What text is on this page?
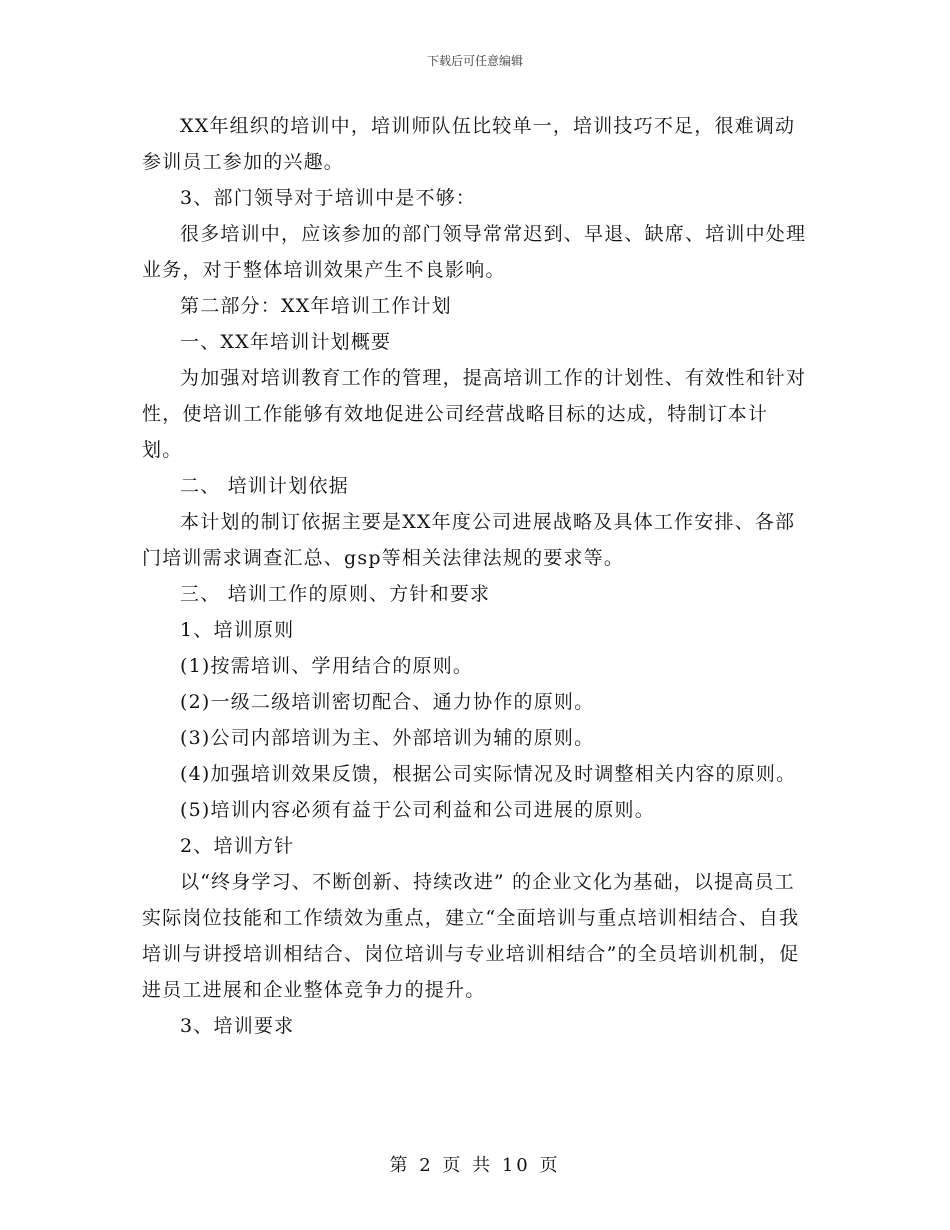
下载后可任意编辑

XX年组织的培训中，培训师队伍比较单一，培训技巧不足，很难调动参训员工参加的兴趣。

3、部门领导对于培训中是不够：

很多培训中，应该参加的部门领导常常迟到、早退、缺席、培训中处理业务，对于整体培训效果产生不良影响。

第二部分：XX年培训工作计划

一、XX年培训计划概要

为加强对培训教育工作的管理，提高培训工作的计划性、有效性和针对性，使培训工作能够有效地促进公司经营战略目标的达成，特制订本计划。

二、 培训计划依据

本计划的制订依据主要是XX年度公司进展战略及具体工作安排、各部门培训需求调查汇总、gsp等相关法律法规的要求等。

三、 培训工作的原则、方针和要求

1、培训原则

(1)按需培训、学用结合的原则。

(2)一级二级培训密切配合、通力协作的原则。

(3)公司内部培训为主、外部培训为辅的原则。

(4)加强培训效果反馈，根据公司实际情况及时调整相关内容的原则。

(5)培训内容必须有益于公司利益和公司进展的原则。

2、培训方针

以“终身学习、不断创新、持续改进” 的企业文化为基础，以提高员工实际岗位技能和工作绩效为重点，建立“全面培训与重点培训相结合、自我培训与讲授培训相结合、岗位培训与专业培训相结合”的全员培训机制，促进员工进展和企业整体竞争力的提升。

3、培训要求

第 2 页 共 10 页
